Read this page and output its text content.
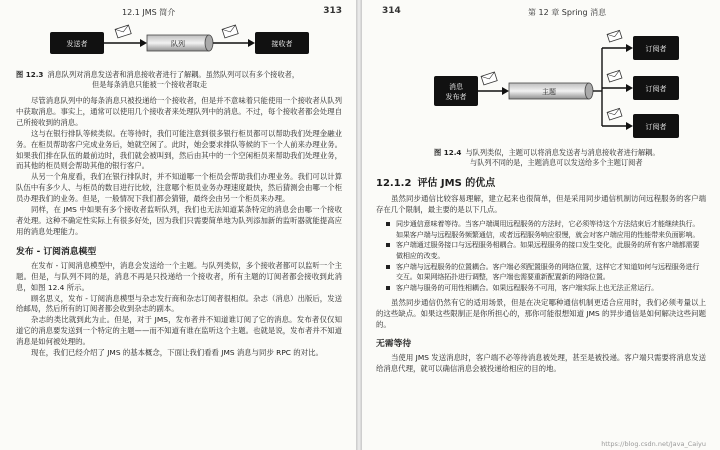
12.1 JMS 简介	313
发送者	队列	接收者
图 12.3 消息队列对消息发送者和消息接收者进行了解耦。虽然队列可以有多个接收者，
但是每条消息只能被一个接收者取走

尽管消息队列中的每条消息只被投递给一个接收者，但是并不意味着只能使用一个接收者从队列中获取消息。事实上，通常可以使用几个接收者来处理队列中的消息。不过，每个接收者都会处理自己所接收到的消息。

这与在银行排队等候类似。在等待时，我们可能注意到很多银行柜员都可以帮助我们处理金融业务。在柜员帮助客户完成业务后，她就空闲了。此时，她会要求排队等候的下一个人前来办理业务。如果我们排在队伍的最前边时，我们就会被叫到，然后由其中的一个空闲柜员来帮助我们处理业务，而其他的柜员则会帮助其他的银行客户。

从另一个角度看，我们在银行排队时，并不知道哪一个柜员会帮助我们办理业务。我们可以计算队伍中有多少人、与柜员的数目进行比较，注意哪个柜员业务办理速度最快，然后猜测会由哪一个柜员办理我们的业务。但是，一般情况下我们都会猜错，最终会由另一个柜员来办理。

同样，在 JMS 中如果有多个接收者监听队列，我们也无法知道某条特定的消息会由哪一个接收者处理。这种不确定性实际上有很多好处，因为我们只需要简单地为队列添加新的监听器就能提高应用的消息处理能力。

发布 - 订阅消息模型

在发布 - 订阅消息模型中，消息会发送给一个主题。与队列类似，多个接收者都可以监听一个主题。但是，与队列不同的是，消息不再是只投递给一个接收者，所有主题的订阅者都会接收到此消息，如图 12.4 所示。

顾名思义，发布 - 订阅消息模型与杂志发行商和杂志订阅者很相似。杂志（消息）出版后，发送给邮局，然后所有的订阅者都会收到杂志的副本。

杂志的类比就到此为止。但是，对于 JMS，发布者并不知道谁订阅了它的消息。发布者仅仅知道它的消息要发送到一个特定的主题——而不知道有谁在监听这个主题。也就是说，发布者并不知道消息是如何被处理的。

现在，我们已经介绍了 JMS 的基本概念，下面让我们看看 JMS 消息与同步 RPC 的对比。

314	第 12 章 Spring 消息
消息
发布者
主题
订阅者
订阅者
订阅者
图 12.4 与队列类似，主题可以将消息发送者与消息接收者进行解耦。
与队列不同的是，主题消息可以发送给多个主题订阅者
12.1.2 评估 JMS 的优点

虽然同步通信比较容易理解，建立起来也很简单，但是采用同步通信机制访问远程服务的客户端存在几个限制，最主要的是以下几点。

同步通信意味着等待。当客户端调用远程服务的方法时，它必须等待这个方法结束后才能继续执行。如果客户端与远程服务频繁通信，或者远程服务响应很慢，就会对客户端应用的性能带来负面影响。
客户端通过服务接口与远程服务相耦合。如果远程服务的接口发生变化，此服务的所有客户端都需要做相应的改变。
客户端与远程服务的位置耦合。客户端必须配置服务的网络位置，这样它才知道如何与远程服务进行交互。如果网络拓扑进行调整，客户端也需要重新配置新的网络位置。
客户端与服务的可用性相耦合。如果远程服务不可用，客户端实际上也无法正常运行。

虽然同步通信仍然有它的适用场景，但是在决定哪种通信机制更适合应用时，我们必须考量以上的这些缺点。如果这些限制正是你所担心的，那你可能很想知道 JMS 的异步通信是如何解决这些问题的。

无需等待

当使用 JMS 发送消息时，客户端不必等待消息被处理，甚至是被投递。客户端只需要将消息发送给消息代理，就可以确信消息会被投递给相应的目的地。

https://blog.csdn.net/Java_Caiyu
